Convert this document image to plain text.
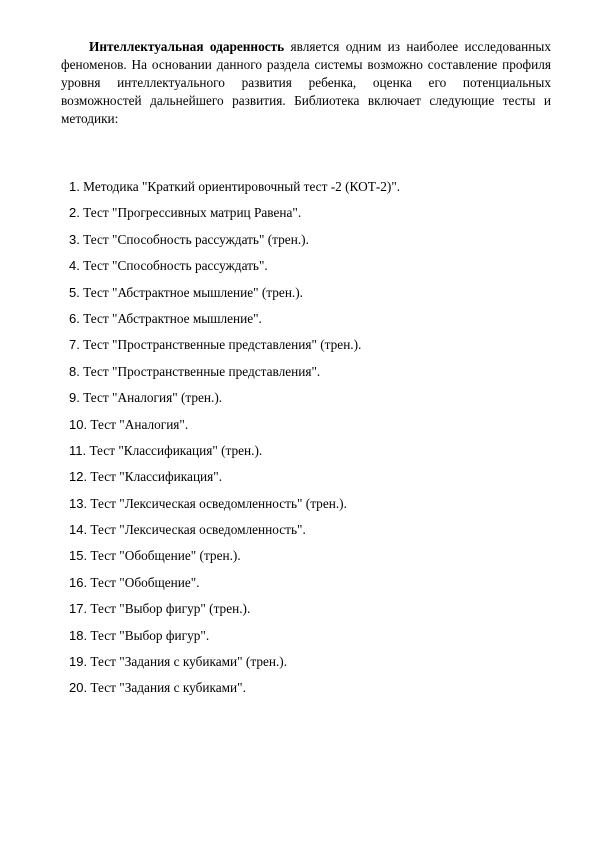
Интеллектуальная одаренность является одним из наиболее исследованных феноменов. На основании данного раздела системы возможно составление профиля уровня интеллектуального развития ребенка, оценка его потенциальных возможностей дальнейшего развития. Библиотека включает следующие тесты и методики:

1. Методика "Краткий ориентировочный тест -2 (КОТ-2)".
2. Тест "Прогрессивных матриц Равена".
3. Тест "Способность рассуждать" (трен.).
4. Тест "Способность рассуждать".
5. Тест "Абстрактное мышление" (трен.).
6. Тест "Абстрактное мышление".
7. Тест "Пространственные представления" (трен.).
8. Тест "Пространственные представления".
9. Тест "Аналогия" (трен.).
10. Тест "Аналогия".
11. Тест "Классификация" (трен.).
12. Тест "Классификация".
13. Тест "Лексическая осведомленность" (трен.).
14. Тест "Лексическая осведомленность".
15. Тест "Обобщение" (трен.).
16. Тест "Обобщение".
17. Тест "Выбор фигур" (трен.).
18. Тест "Выбор фигур".
19. Тест "Задания с кубиками" (трен.).
20. Тест "Задания с кубиками".
